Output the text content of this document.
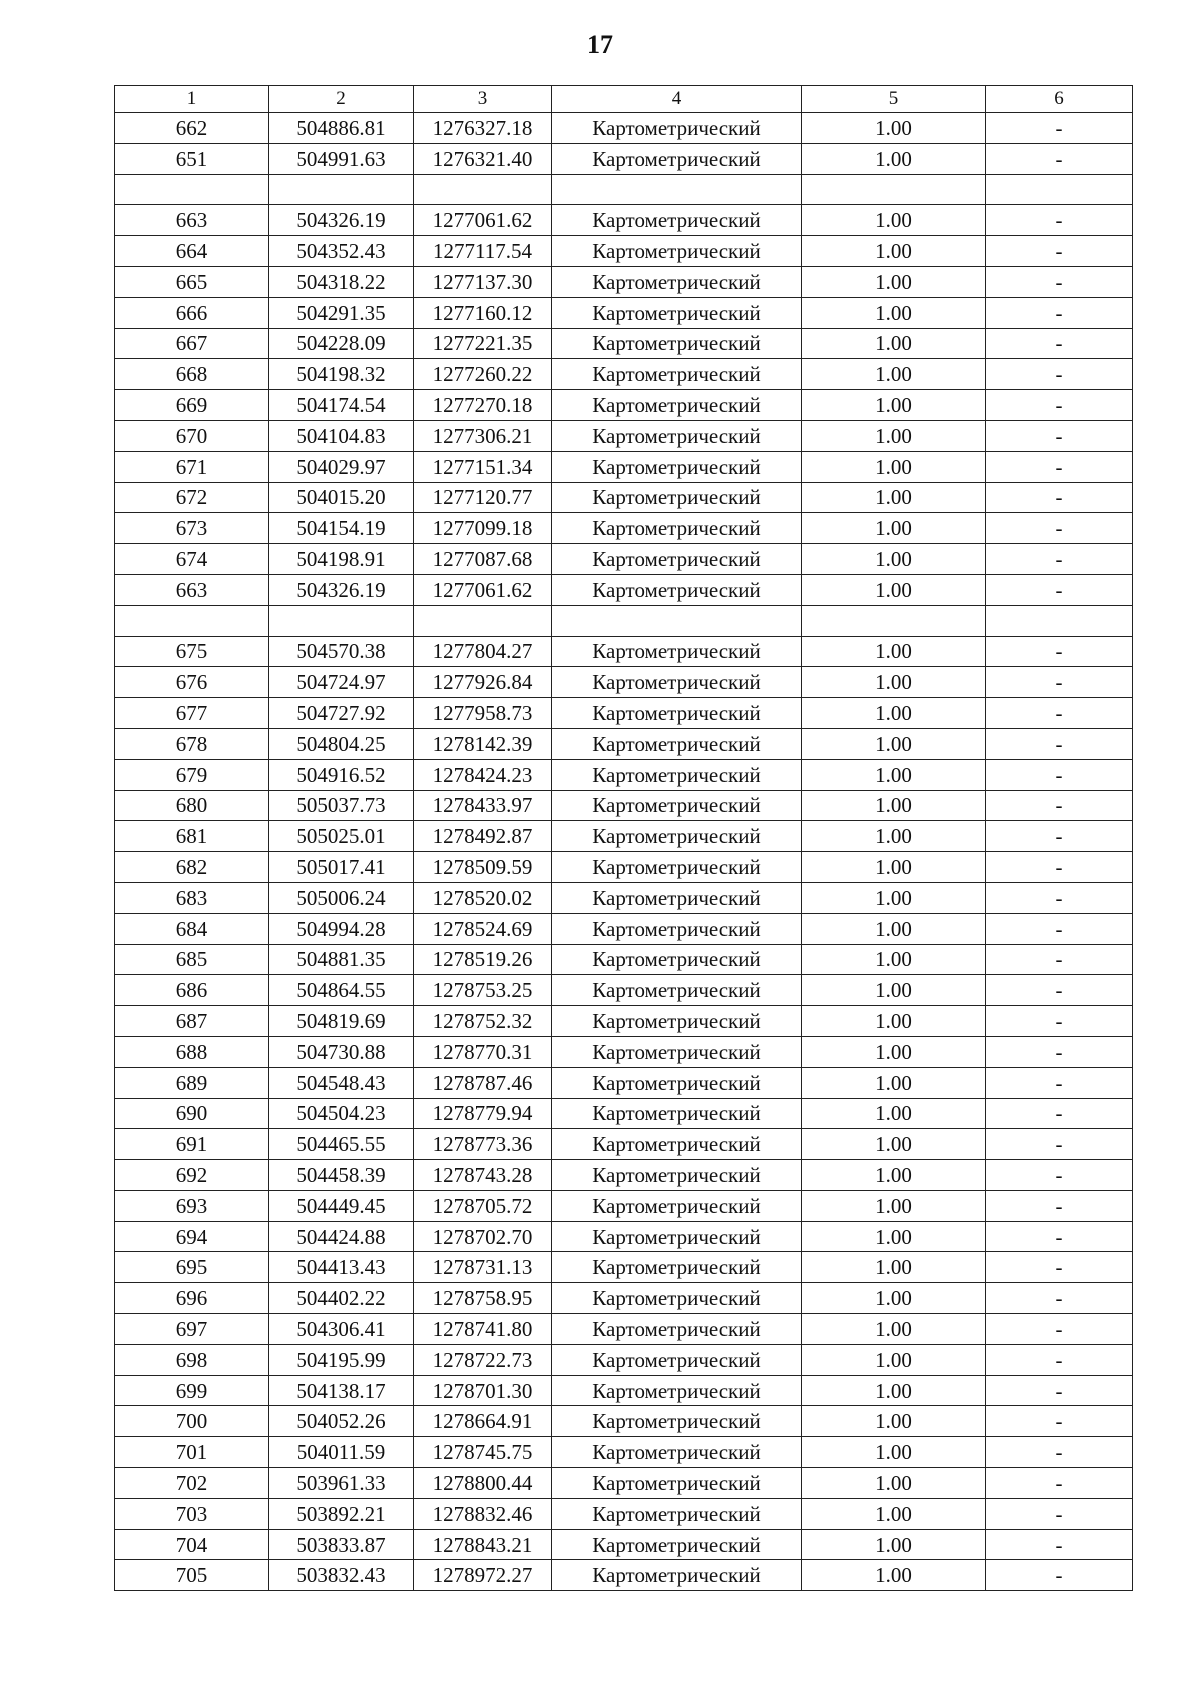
17
1	2	3	4	5	6
662	504886.81	1276327.18	Картометрический	1.00	-
651	504991.63	1276321.40	Картометрический	1.00	-

663	504326.19	1277061.62	Картометрический	1.00	-
664	504352.43	1277117.54	Картометрический	1.00	-
665	504318.22	1277137.30	Картометрический	1.00	-
666	504291.35	1277160.12	Картометрический	1.00	-
667	504228.09	1277221.35	Картометрический	1.00	-
668	504198.32	1277260.22	Картометрический	1.00	-
669	504174.54	1277270.18	Картометрический	1.00	-
670	504104.83	1277306.21	Картометрический	1.00	-
671	504029.97	1277151.34	Картометрический	1.00	-
672	504015.20	1277120.77	Картометрический	1.00	-
673	504154.19	1277099.18	Картометрический	1.00	-
674	504198.91	1277087.68	Картометрический	1.00	-
663	504326.19	1277061.62	Картометрический	1.00	-

675	504570.38	1277804.27	Картометрический	1.00	-
676	504724.97	1277926.84	Картометрический	1.00	-
677	504727.92	1277958.73	Картометрический	1.00	-
678	504804.25	1278142.39	Картометрический	1.00	-
679	504916.52	1278424.23	Картометрический	1.00	-
680	505037.73	1278433.97	Картометрический	1.00	-
681	505025.01	1278492.87	Картометрический	1.00	-
682	505017.41	1278509.59	Картометрический	1.00	-
683	505006.24	1278520.02	Картометрический	1.00	-
684	504994.28	1278524.69	Картометрический	1.00	-
685	504881.35	1278519.26	Картометрический	1.00	-
686	504864.55	1278753.25	Картометрический	1.00	-
687	504819.69	1278752.32	Картометрический	1.00	-
688	504730.88	1278770.31	Картометрический	1.00	-
689	504548.43	1278787.46	Картометрический	1.00	-
690	504504.23	1278779.94	Картометрический	1.00	-
691	504465.55	1278773.36	Картометрический	1.00	-
692	504458.39	1278743.28	Картометрический	1.00	-
693	504449.45	1278705.72	Картометрический	1.00	-
694	504424.88	1278702.70	Картометрический	1.00	-
695	504413.43	1278731.13	Картометрический	1.00	-
696	504402.22	1278758.95	Картометрический	1.00	-
697	504306.41	1278741.80	Картометрический	1.00	-
698	504195.99	1278722.73	Картометрический	1.00	-
699	504138.17	1278701.30	Картометрический	1.00	-
700	504052.26	1278664.91	Картометрический	1.00	-
701	504011.59	1278745.75	Картометрический	1.00	-
702	503961.33	1278800.44	Картометрический	1.00	-
703	503892.21	1278832.46	Картометрический	1.00	-
704	503833.87	1278843.21	Картометрический	1.00	-
705	503832.43	1278972.27	Картометрический	1.00	-
